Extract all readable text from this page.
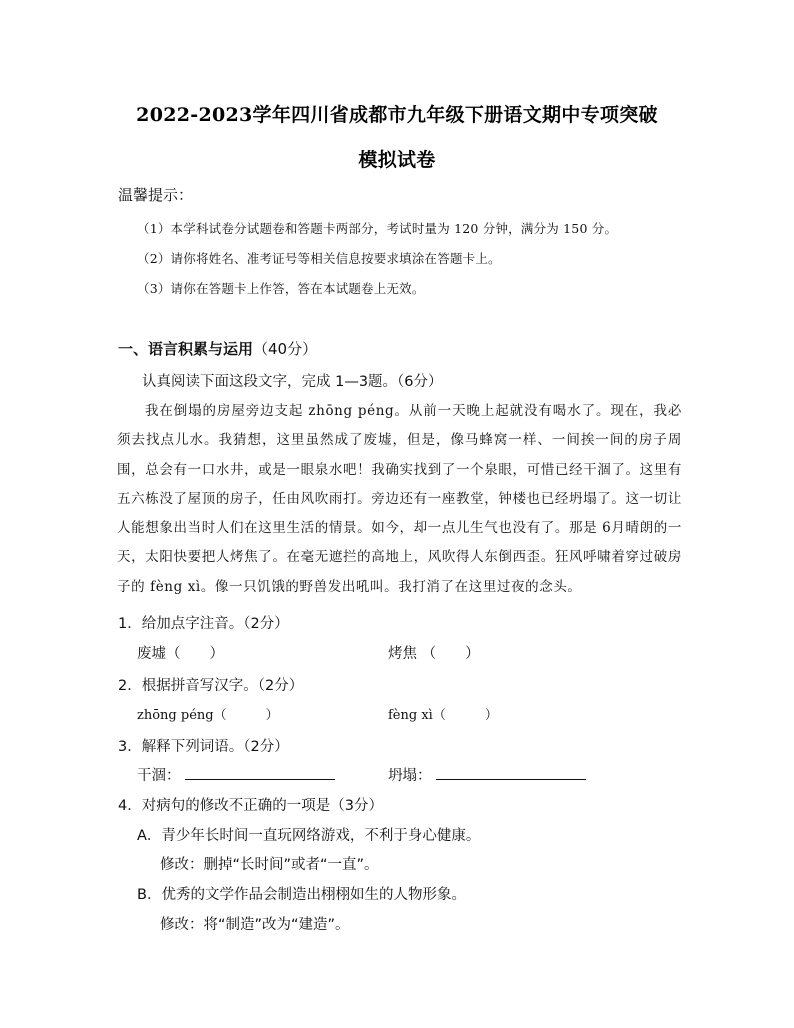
2022-2023学年四川省成都市九年级下册语文期中专项突破
模拟试卷
温馨提示：
（1）本学科试卷分试题卷和答题卡两部分，考试时量为 120 分钟，满分为 150 分。
（2）请你将姓名、准考证号等相关信息按要求填涂在答题卡上。
（3）请你在答题卡上作答，答在本试题卷上无效。
一、语言积累与运用（40分）
认真阅读下面这段文字，完成 1—3题。（6分）
我在倒塌的房屋旁边支起 zhōng péng。从前一天晚上起就没有喝水了。现在，我必须去找点儿水。我猜想，这里虽然成了废墟，但是，像马蜂窝一样、一间挨一间的房子周围，总会有一口水井，或是一眼泉水吧！我确实找到了一个泉眼，可惜已经干涸了。这里有五六栋没了屋顶的房子，任由风吹雨打。旁边还有一座教堂，钟楼也已经坍塌了。这一切让人能想象出当时人们在这里生活的情景。如今，却一点儿生气也没有了。那是 6月晴朗的一天，太阳快要把人烤焦了。在毫无遮拦的高地上，风吹得人东倒西歪。狂风呼啸着穿过破房子的 fèng xì。像一只饥饿的野兽发出吼叫。我打消了在这里过夜的念头。
1．给加点字注音。（2分）
废墟（　　）	烤焦 （　　）
2．根据拼音写汉字。（2分）
zhōng péng（　　　）	fèng xì（　　　）
3．解释下列词语。（2分）
干涸：	坍塌：
4．对病句的修改不正确的一项是（3分）
A．青少年长时间一直玩网络游戏，不利于身心健康。
修改：删掉“长时间”或者“一直”。
B．优秀的文学作品会制造出栩栩如生的人物形象。
修改：将“制造”改为“建造”。
